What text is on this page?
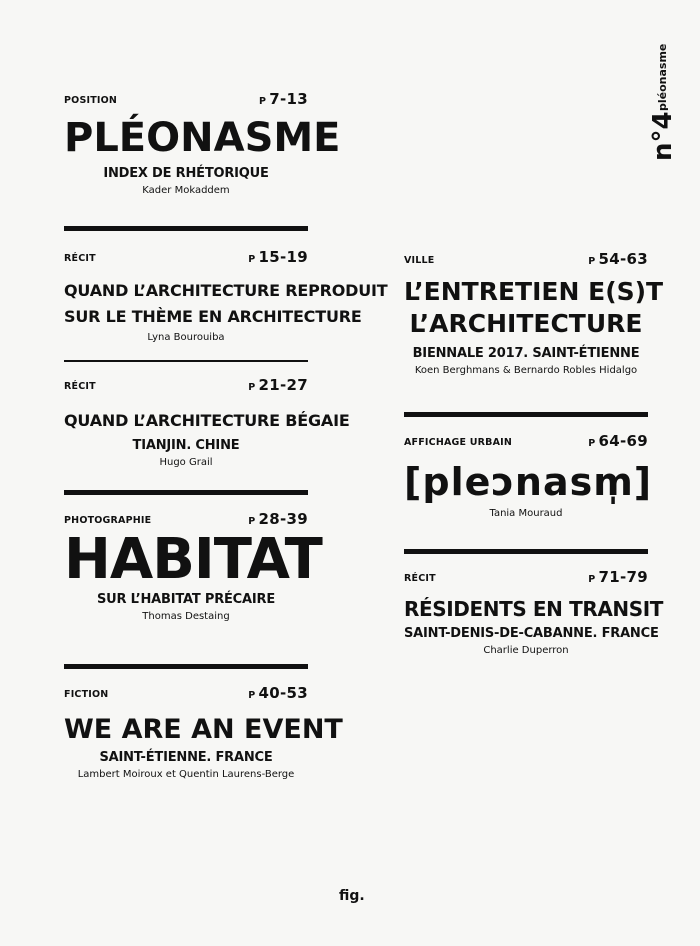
n°4pléonasme
POSITION	P 7-13
PLÉONASME
INDEX DE RHÉTORIQUE
Kader Mokaddem
RÉCIT	P 15-19
QUAND L’ARCHITECTURE REPRODUIT
SUR LE THÈME EN ARCHITECTURE
Lyna Bourouiba
RÉCIT	P 21-27
QUAND L’ARCHITECTURE BÉGAIE
TIANJIN. CHINE
Hugo Grail
PHOTOGRAPHIE	P 28-39
HABITAT
SUR L’HABITAT PRÉCAIRE
Thomas Destaing
FICTION	P 40-53
WE ARE AN EVENT
SAINT-ÉTIENNE. FRANCE
Lambert Moiroux et Quentin Laurens-Berge
VILLE	P 54-63
L’ENTRETIEN E(S)T
L’ARCHITECTURE
BIENNALE 2017. SAINT-ÉTIENNE
Koen Berghmans & Bernardo Robles Hidalgo
AFFICHAGE URBAIN	P 64-69
[pleɔnasm̩]
Tania Mouraud
RÉCIT	P 71-79
RÉSIDENTS EN TRANSIT
SAINT-DENIS-DE-CABANNE. FRANCE
Charlie Duperron
fig.
